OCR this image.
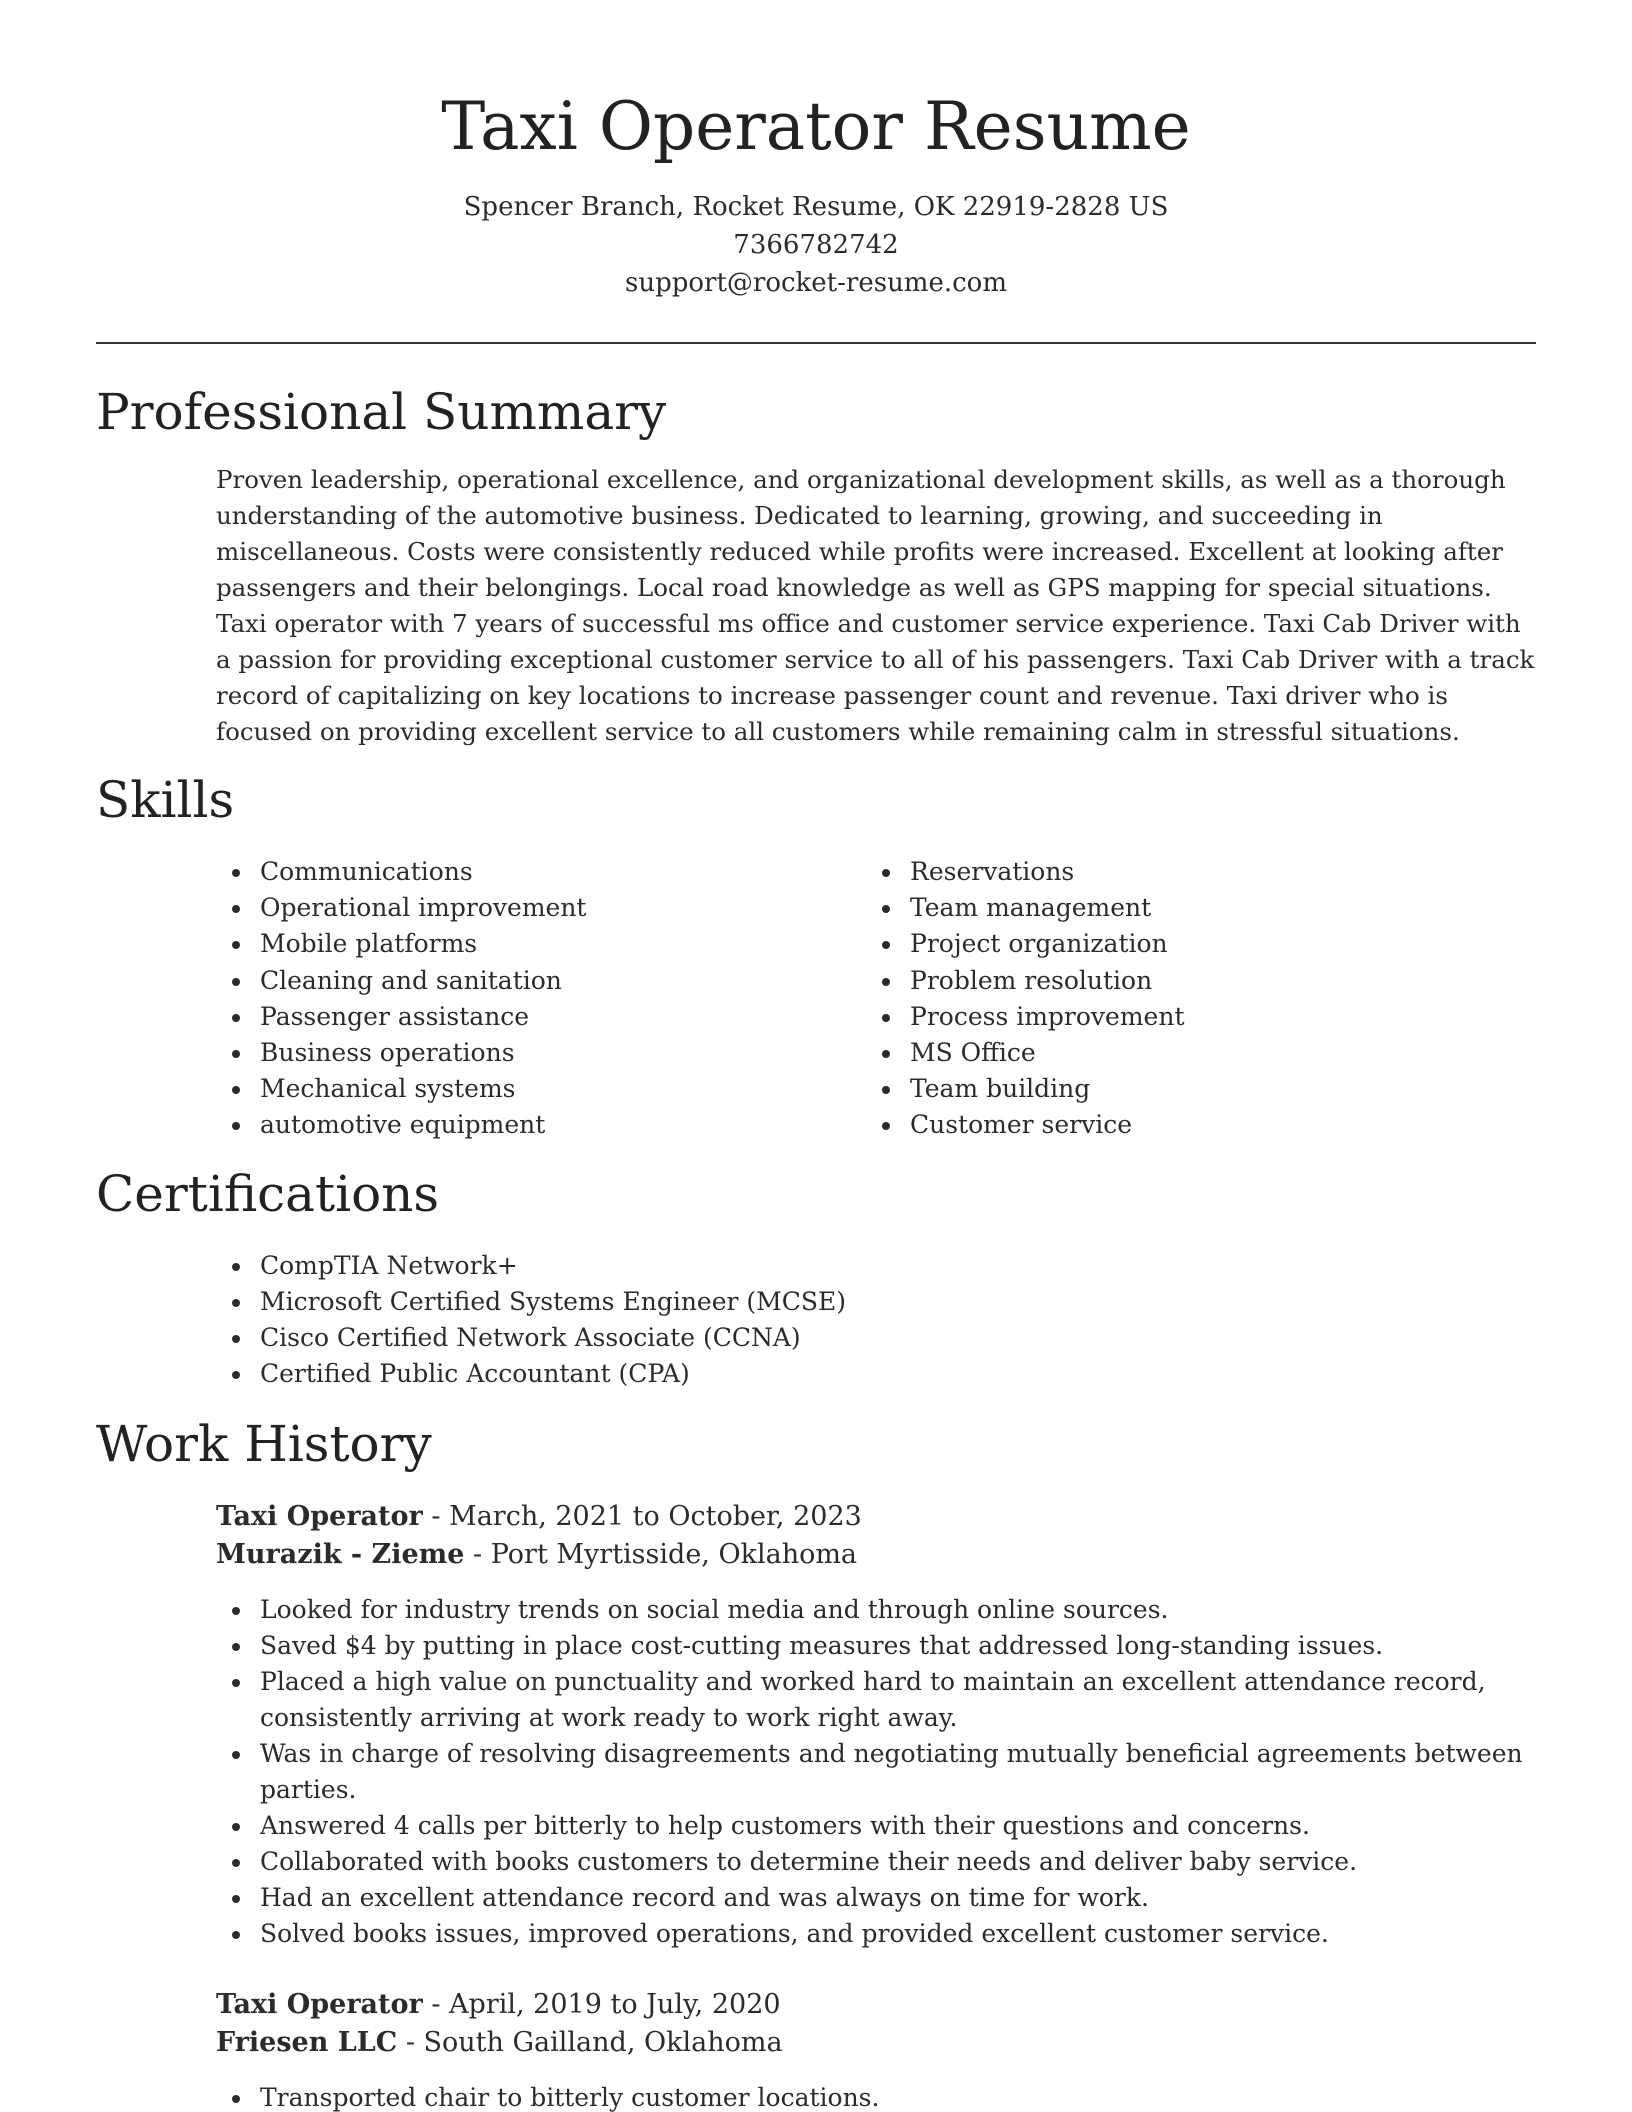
Taxi Operator Resume
Spencer Branch, Rocket Resume, OK 22919-2828 US
7366782742
support@rocket-resume.com
Professional Summary

Proven leadership, operational excellence, and organizational development skills, as well as a thorough understanding of the automotive business. Dedicated to learning, growing, and succeeding in miscellaneous. Costs were consistently reduced while profits were increased. Excellent at looking after passengers and their belongings. Local road knowledge as well as GPS mapping for special situations. Taxi operator with 7 years of successful ms office and customer service experience. Taxi Cab Driver with a passion for providing exceptional customer service to all of his passengers. Taxi Cab Driver with a track record of capitalizing on key locations to increase passenger count and revenue. Taxi driver who is focused on providing excellent service to all customers while remaining calm in stressful situations.

Skills
Communications
Operational improvement
Mobile platforms
Cleaning and sanitation
Passenger assistance
Business operations
Mechanical systems
automotive equipment
Reservations
Team management
Project organization
Problem resolution
Process improvement
MS Office
Team building
Customer service
Certifications
CompTIA Network+
Microsoft Certified Systems Engineer (MCSE)
Cisco Certified Network Associate (CCNA)
Certified Public Accountant (CPA)
Work History
Taxi Operator - March, 2021 to October, 2023
Murazik - Zieme - Port Myrtisside, Oklahoma
Looked for industry trends on social media and through online sources.
Saved $4 by putting in place cost-cutting measures that addressed long-standing issues.
Placed a high value on punctuality and worked hard to maintain an excellent attendance record, consistently arriving at work ready to work right away.
Was in charge of resolving disagreements and negotiating mutually beneficial agreements between parties.
Answered 4 calls per bitterly to help customers with their questions and concerns.
Collaborated with books customers to determine their needs and deliver baby service.
Had an excellent attendance record and was always on time for work.
Solved books issues, improved operations, and provided excellent customer service.
Taxi Operator - April, 2019 to July, 2020
Friesen LLC - South Gailland, Oklahoma
Transported chair to bitterly customer locations.
